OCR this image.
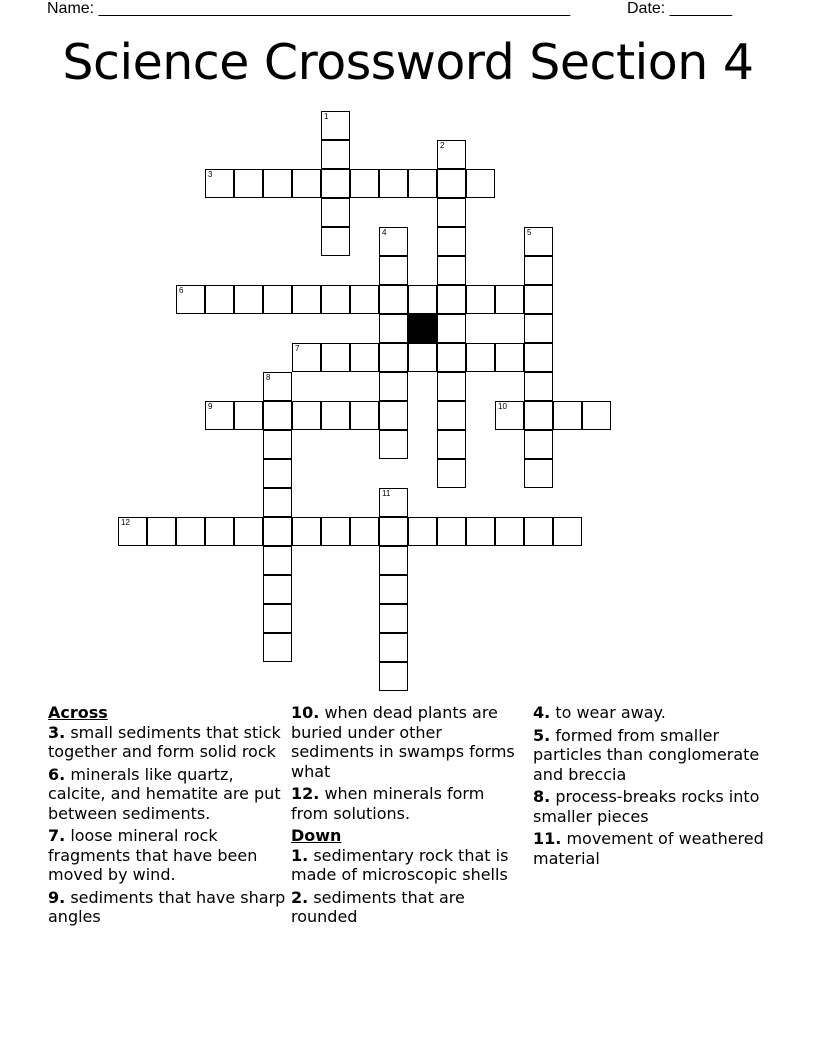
Name: _____________________________________________________	Date: _______
Science Crossword Section 4
1
2
3
4	5
6
7
8
9	10
11
12
Across
3. small sediments that stick together and form solid rock
6. minerals like quartz, calcite, and hematite are put between sediments.
7. loose mineral rock fragments that have been moved by wind.
9. sediments that have sharp angles
10. when dead plants are buried under other sediments in swamps forms what
12. when minerals form from solutions.
Down
1. sedimentary rock that is made of microscopic shells
2. sediments that are rounded
4. to wear away.
5. formed from smaller particles than conglomerate and breccia
8. process-breaks rocks into smaller pieces
11. movement of weathered material
